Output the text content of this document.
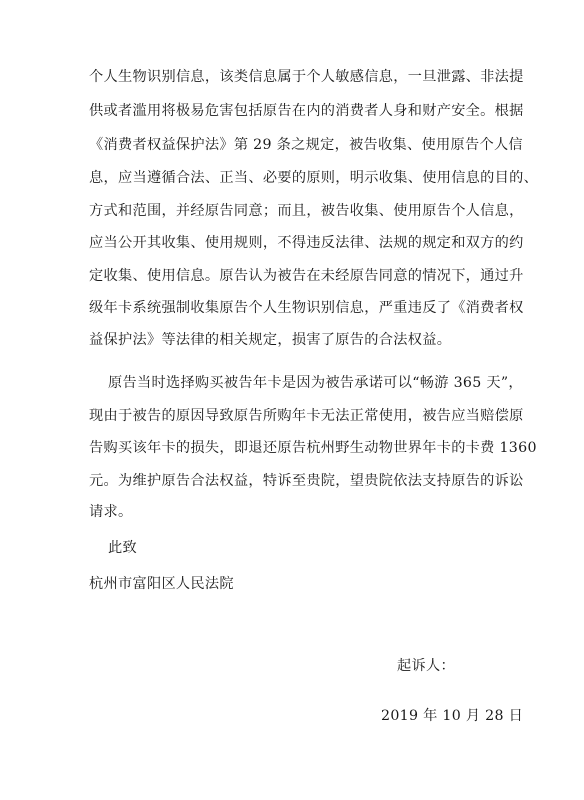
个人生物识别信息，该类信息属于个人敏感信息，一旦泄露、非法提
供或者滥用将极易危害包括原告在内的消费者人身和财产安全。根据
《消费者权益保护法》第 29 条之规定，被告收集、使用原告个人信
息，应当遵循合法、正当、必要的原则，明示收集、使用信息的目的、
方式和范围，并经原告同意；而且，被告收集、使用原告个人信息，
应当公开其收集、使用规则，不得违反法律、法规的规定和双方的约
定收集、使用信息。原告认为被告在未经原告同意的情况下，通过升
级年卡系统强制收集原告个人生物识别信息，严重违反了《消费者权
益保护法》等法律的相关规定，损害了原告的合法权益。
原告当时选择购买被告年卡是因为被告承诺可以“畅游 365 天”，
现由于被告的原因导致原告所购年卡无法正常使用，被告应当赔偿原
告购买该年卡的损失，即退还原告杭州野生动物世界年卡的卡费 1360
元。为维护原告合法权益，特诉至贵院，望贵院依法支持原告的诉讼
请求。
此致
杭州市富阳区人民法院
起诉人：
2019 年 10 月 28 日
